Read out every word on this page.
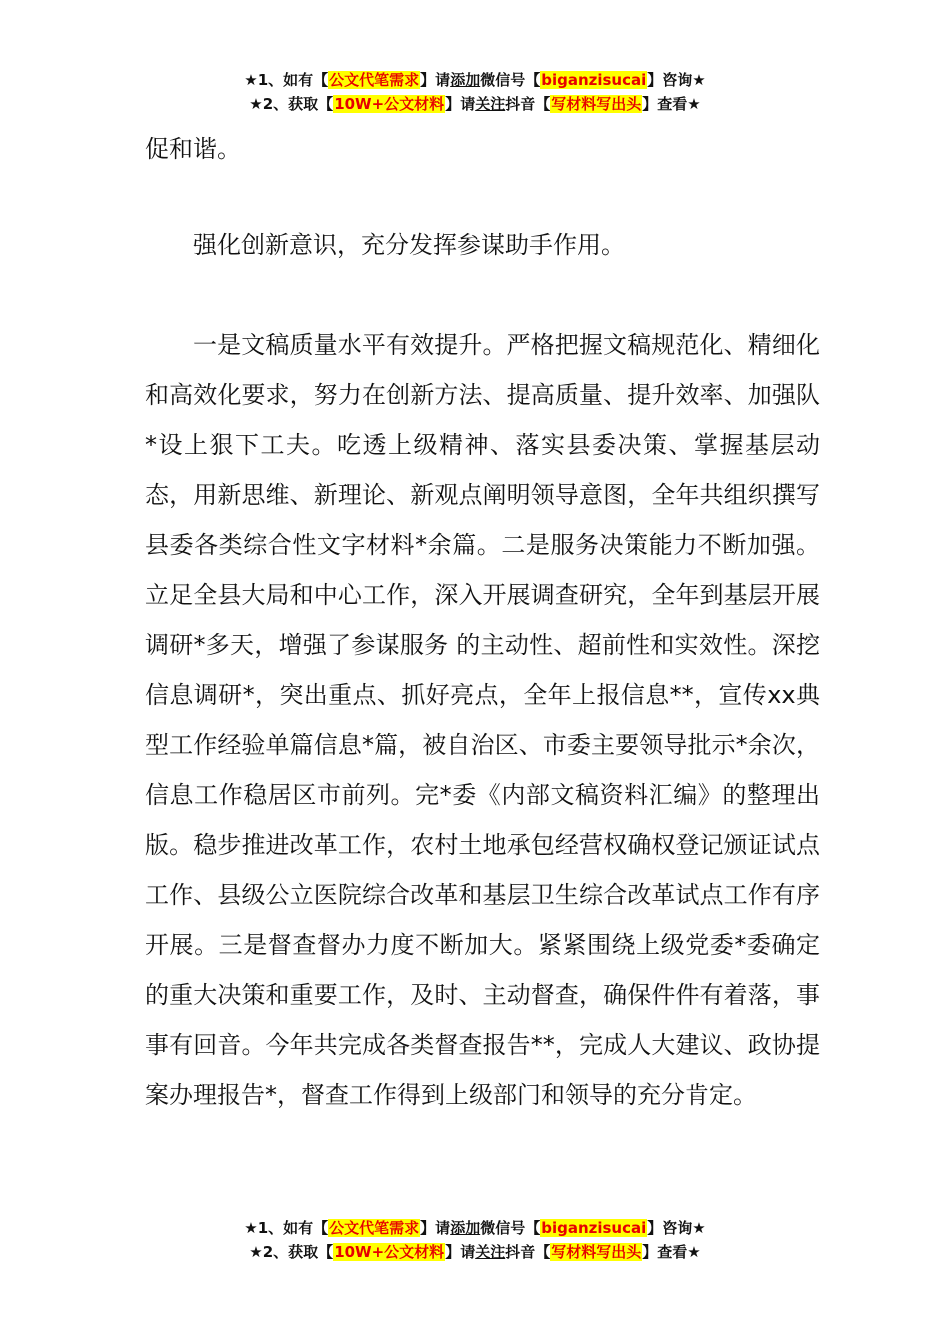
★1、如有【公文代笔需求】请添加微信号【biganzisucai】咨询★
★2、获取【10W+公文材料】请关注抖音【写材料写出头】查看★

促和谐。

强化创新意识，充分发挥参谋助手作用。

一是文稿质量水平有效提升。严格把握文稿规范化、精细化和高效化要求，努力在创新方法、提高质量、提升效率、加强队*设上狠下工夫。吃透上级精神、落实县委决策、掌握基层动态，用新思维、新理论、新观点阐明领导意图，全年共组织撰写县委各类综合性文字材料*余篇。二是服务决策能力不断加强。立足全县大局和中心工作，深入开展调查研究，全年到基层开展调研*多天，增强了参谋服务 的主动性、超前性和实效性。深挖信息调研*，突出重点、抓好亮点，全年上报信息**，宣传xx典型工作经验单篇信息*篇，被自治区、市委主要领导批示*余次，信息工作稳居区市前列。完*委《内部文稿资料汇编》的整理出版。稳步推进改革工作，农村土地承包经营权确权登记颁证试点工作、县级公立医院综合改革和基层卫生综合改革试点工作有序开展。三是督查督办力度不断加大。紧紧围绕上级党委*委确定的重大决策和重要工作，及时、主动督查，确保件件有着落，事事有回音。今年共完成各类督查报告**，完成人大建议、政协提案办理报告*，督查工作得到上级部门和领导的充分肯定。

★1、如有【公文代笔需求】请添加微信号【biganzisucai】咨询★
★2、获取【10W+公文材料】请关注抖音【写材料写出头】查看★
